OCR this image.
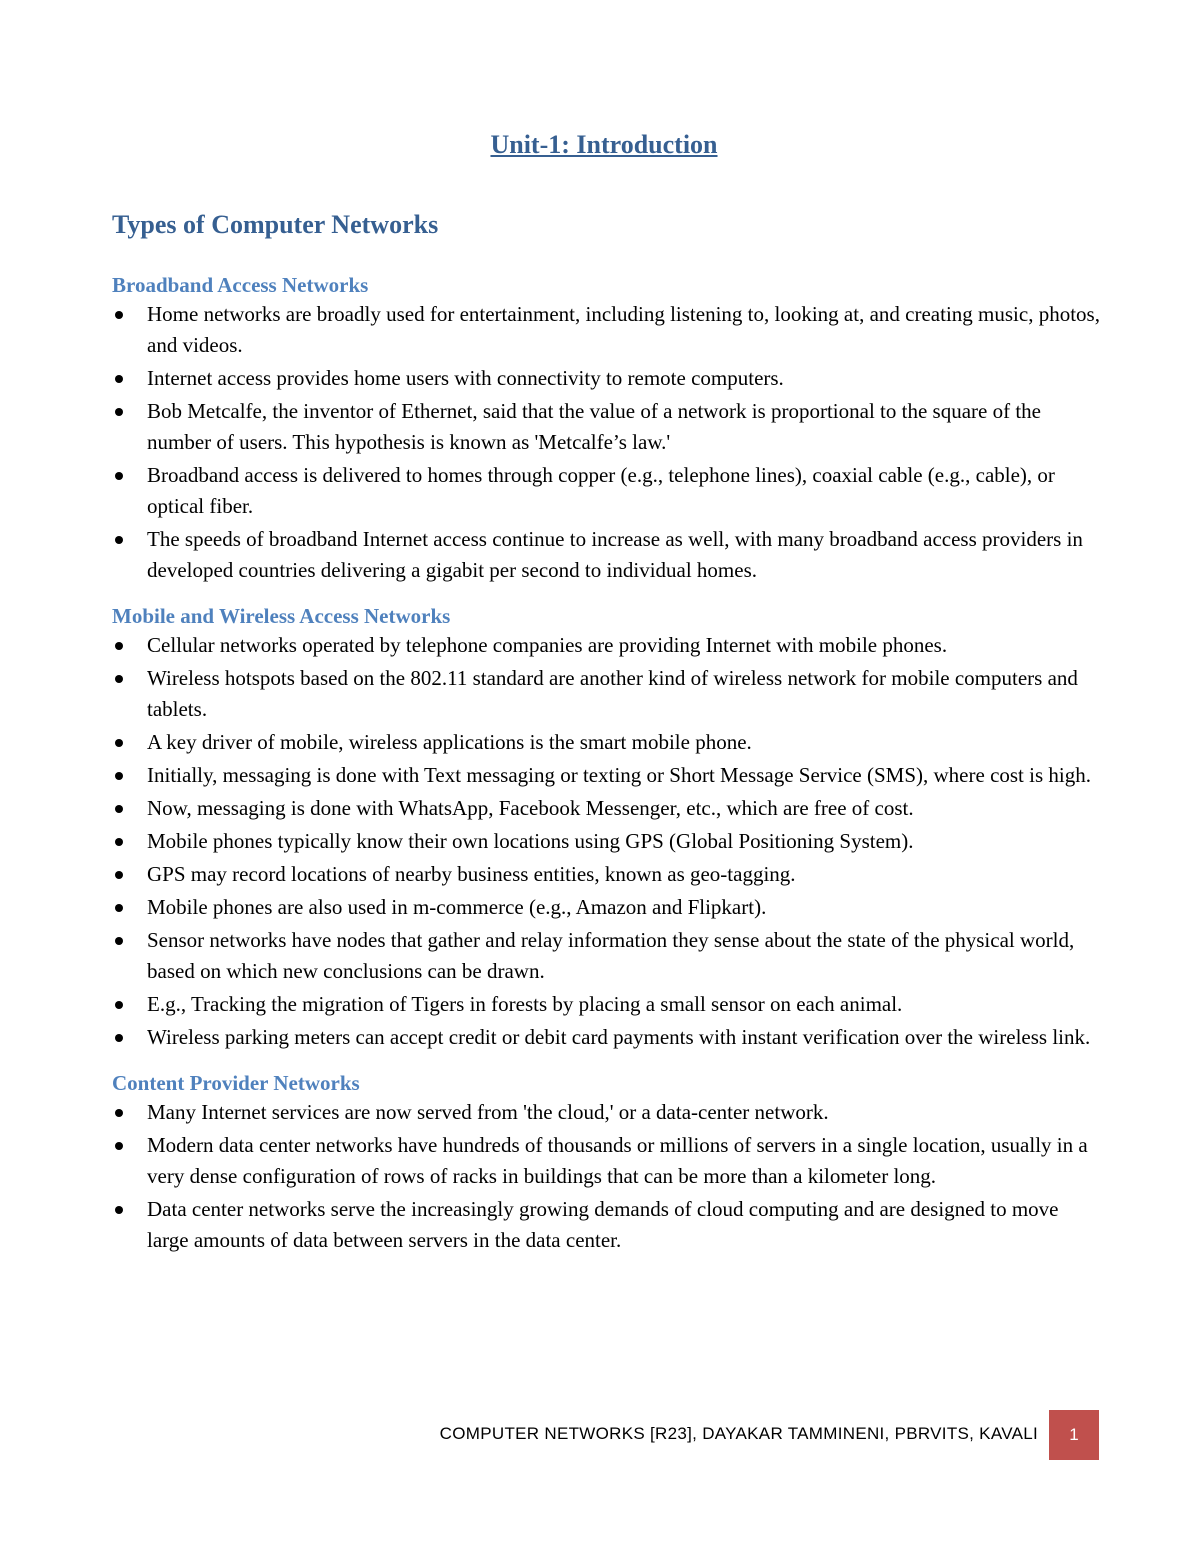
Unit-1: Introduction
Types of Computer Networks
Broadband Access Networks
Home networks are broadly used for entertainment, including listening to, looking at, and creating music, photos, and videos.
Internet access provides home users with connectivity to remote computers.
Bob Metcalfe, the inventor of Ethernet, said that the value of a network is proportional to the square of the number of users. This hypothesis is known as 'Metcalfe’s law.'
Broadband access is delivered to homes through copper (e.g., telephone lines), coaxial cable (e.g., cable), or optical fiber.
The speeds of broadband Internet access continue to increase as well, with many broadband access providers in developed countries delivering a gigabit per second to individual homes.
Mobile and Wireless Access Networks
Cellular networks operated by telephone companies are providing Internet with mobile phones.
Wireless hotspots based on the 802.11 standard are another kind of wireless network for mobile computers and tablets.
A key driver of mobile, wireless applications is the smart mobile phone.
Initially, messaging is done with Text messaging or texting or Short Message Service (SMS), where cost is high.
Now, messaging is done with WhatsApp, Facebook Messenger, etc., which are free of cost.
Mobile phones typically know their own locations using GPS (Global Positioning System).
GPS may record locations of nearby business entities, known as geo-tagging.
Mobile phones are also used in m-commerce (e.g., Amazon and Flipkart).
Sensor networks have nodes that gather and relay information they sense about the state of the physical world, based on which new conclusions can be drawn.
E.g., Tracking the migration of Tigers in forests by placing a small sensor on each animal.
Wireless parking meters can accept credit or debit card payments with instant verification over the wireless link.
Content Provider Networks
Many Internet services are now served from 'the cloud,' or a data-center network.
Modern data center networks have hundreds of thousands or millions of servers in a single location, usually in a very dense configuration of rows of racks in buildings that can be more than a kilometer long.
Data center networks serve the increasingly growing demands of cloud computing and are designed to move large amounts of data between servers in the data center.
COMPUTER NETWORKS [R23], DAYAKAR TAMMINENI, PBRVITS, KAVALI	1
